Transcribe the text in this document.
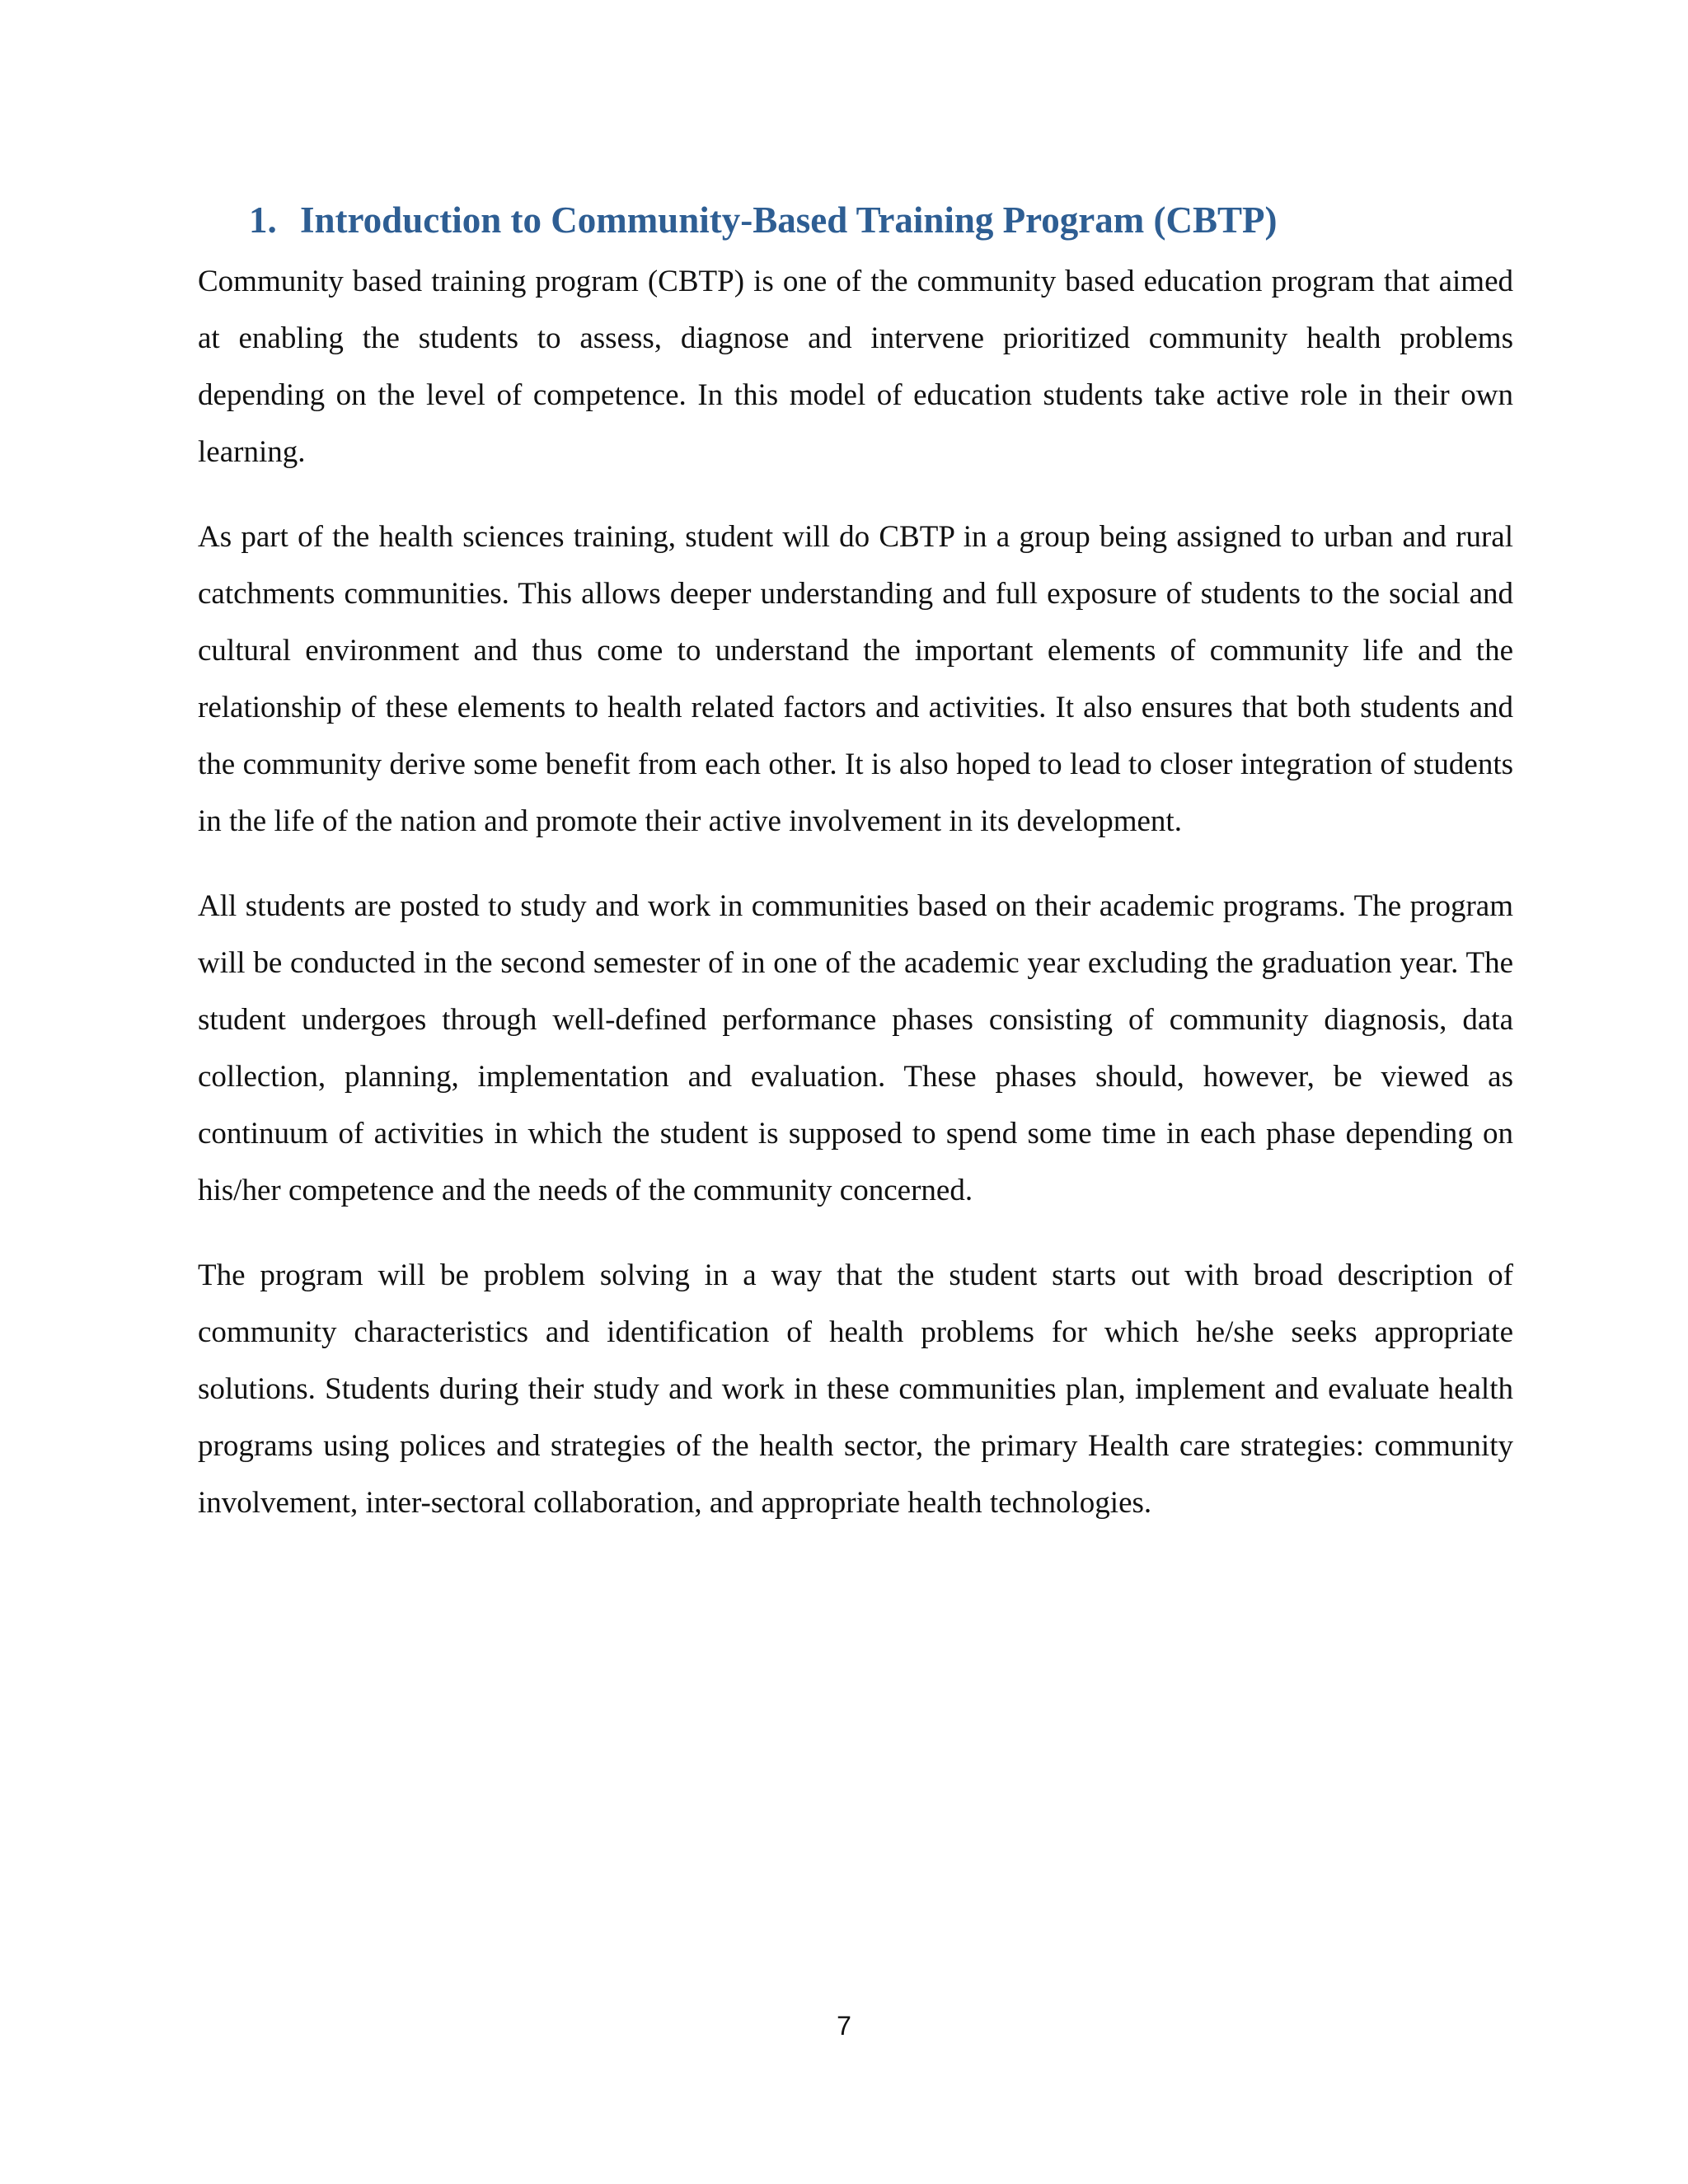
1. Introduction to Community-Based Training Program (CBTP)

Community based training program (CBTP) is one of the community based education program that aimed at enabling the students to assess, diagnose and intervene prioritized community health problems depending on the level of competence. In this model of education students take active role in their own learning.

As part of the health sciences training, student will do CBTP in a group being assigned to urban and rural catchments communities. This allows deeper understanding and full exposure of students to the social and cultural environment and thus come to understand the important elements of community life and the relationship of these elements to health related factors and activities. It also ensures that both students and the community derive some benefit from each other. It is also hoped to lead to closer integration of students in the life of the nation and promote their active involvement in its development.

All students are posted to study and work in communities based on their academic programs. The program will be conducted in the second semester of in one of the academic year excluding the graduation year. The student undergoes through well-defined performance phases consisting of community diagnosis, data collection, planning, implementation and evaluation. These phases should, however, be viewed as continuum of activities in which the student is supposed to spend some time in each phase depending on his/her competence and the needs of the community concerned.

The program will be problem solving in a way that the student starts out with broad description of community characteristics and identification of health problems for which he/she seeks appropriate solutions. Students during their study and work in these communities plan, implement and evaluate health programs using polices and strategies of the health sector, the primary Health care strategies: community involvement, inter-sectoral collaboration, and appropriate health technologies.

7
